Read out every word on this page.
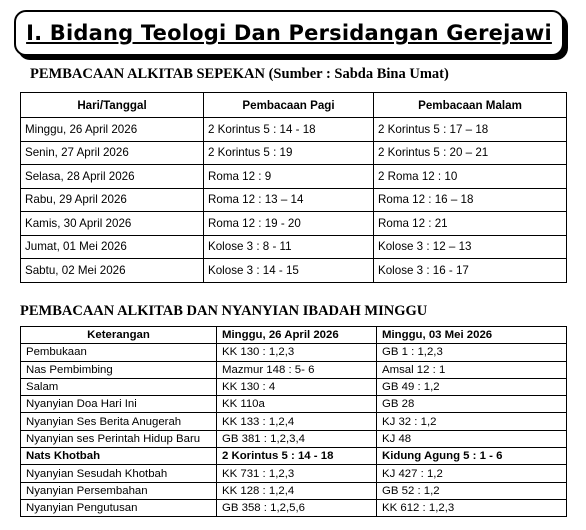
I. Bidang Teologi Dan Persidangan Gerejawi
PEMBACAAN ALKITAB SEPEKAN (Sumber : Sabda Bina Umat)
Hari/Tanggal	Pembacaan Pagi	Pembacaan Malam
Minggu, 26 April 2026	2 Korintus 5 : 14 - 18	2 Korintus 5 : 17 – 18
Senin, 27 April 2026	2 Korintus 5 : 19	2 Korintus 5 : 20 – 21
Selasa, 28 April 2026	Roma 12 : 9	2 Roma 12 : 10
Rabu, 29 April 2026	Roma 12 : 13 – 14	Roma 12 : 16 – 18
Kamis, 30 April 2026	Roma 12 : 19 - 20	Roma 12 : 21
Jumat, 01 Mei 2026	Kolose 3 : 8 - 11	Kolose 3 : 12 – 13
Sabtu, 02 Mei 2026	Kolose 3 : 14 - 15	Kolose 3 : 16 - 17
PEMBACAAN ALKITAB DAN NYANYIAN IBADAH MINGGU
Keterangan	Minggu, 26 April 2026	Minggu, 03 Mei 2026
Pembukaan	KK 130 : 1,2,3	GB 1 : 1,2,3
Nas Pembimbing	Mazmur 148 : 5- 6	Amsal 12 : 1
Salam	KK 130 : 4	GB 49 : 1,2
Nyanyian Doa Hari Ini	KK 110a	GB 28
Nyanyian Ses Berita Anugerah	KK 133 : 1,2,4	KJ 32 : 1,2
Nyanyian ses Perintah Hidup Baru	GB 381 : 1,2,3,4	KJ 48
Nats Khotbah	2 Korintus 5 : 14 - 18	Kidung Agung 5 : 1 - 6
Nyanyian Sesudah Khotbah	KK 731 : 1,2,3	KJ 427 : 1,2
Nyanyian Persembahan	KK 128 : 1,2,4	GB 52 : 1,2
Nyanyian Pengutusan	GB 358 : 1,2,5,6	KK 612 : 1,2,3
